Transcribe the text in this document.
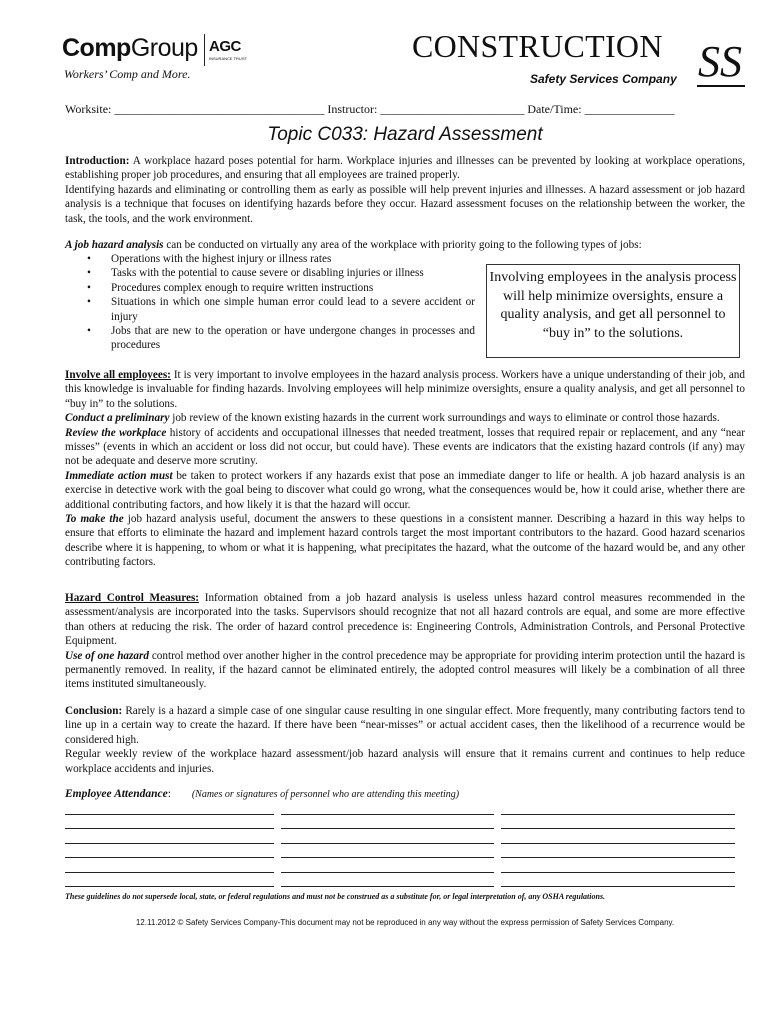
CompGroup AGC
INSURANCE TRUST
Workers’ Comp and More.
CONSTRUCTION
Safety Services Company SS
Worksite: ___________________________________ Instructor: ________________________ Date/Time: _______________
Topic C033: Hazard Assessment

Introduction: A workplace hazard poses potential for harm. Workplace injuries and illnesses can be prevented by looking at workplace operations, establishing proper job procedures, and ensuring that all employees are trained properly.

Identifying hazards and eliminating or controlling them as early as possible will help prevent injuries and illnesses. A hazard assessment or job hazard analysis is a technique that focuses on identifying hazards before they occur. Hazard assessment focuses on the relationship between the worker, the task, the tools, and the work environment.

A job hazard analysis can be conducted on virtually any area of the workplace with priority going to the following types of jobs:

• Operations with the highest injury or illness rates
• Tasks with the potential to cause severe or disabling injuries or illness
• Procedures complex enough to require written instructions
• Situations in which one simple human error could lead to a severe accident or injury
• Jobs that are new to the operation or have undergone changes in processes and procedures
Involving employees in the analysis process will help minimize oversights, ensure a quality analysis, and get all personnel to “buy in” to the solutions.

Involve all employees: It is very important to involve employees in the hazard analysis process. Workers have a unique understanding of their job, and this knowledge is invaluable for finding hazards. Involving employees will help minimize oversights, ensure a quality analysis, and get all personnel to “buy in” to the solutions.

Conduct a preliminary job review of the known existing hazards in the current work surroundings and ways to eliminate or control those hazards.

Review the workplace history of accidents and occupational illnesses that needed treatment, losses that required repair or replacement, and any “near misses” (events in which an accident or loss did not occur, but could have). These events are indicators that the existing hazard controls (if any) may not be adequate and deserve more scrutiny.

Immediate action must be taken to protect workers if any hazards exist that pose an immediate danger to life or health. A job hazard analysis is an exercise in detective work with the goal being to discover what could go wrong, what the consequences would be, how it could arise, whether there are additional contributing factors, and how likely it is that the hazard will occur.

To make the job hazard analysis useful, document the answers to these questions in a consistent manner. Describing a hazard in this way helps to ensure that efforts to eliminate the hazard and implement hazard controls target the most important contributors to the hazard. Good hazard scenarios describe where it is happening, to whom or what it is happening, what precipitates the hazard, what the outcome of the hazard would be, and any other contributing factors.

Hazard Control Measures: Information obtained from a job hazard analysis is useless unless hazard control measures recommended in the assessment/analysis are incorporated into the tasks. Supervisors should recognize that not all hazard controls are equal, and some are more effective than others at reducing the risk. The order of hazard control precedence is: Engineering Controls, Administration Controls, and Personal Protective Equipment.

Use of one hazard control method over another higher in the control precedence may be appropriate for providing interim protection until the hazard is permanently removed. In reality, if the hazard cannot be eliminated entirely, the adopted control measures will likely be a combination of all three items instituted simultaneously.

Conclusion: Rarely is a hazard a simple case of one singular cause resulting in one singular effect. More frequently, many contributing factors tend to line up in a certain way to create the hazard. If there have been “near-misses” or actual accident cases, then the likelihood of a recurrence would be considered high.

Regular weekly review of the workplace hazard assessment/job hazard analysis will ensure that it remains current and continues to help reduce workplace accidents and injuries.

Employee Attendance: (Names or signatures of personnel who are attending this meeting)
These guidelines do not supersede local, state, or federal regulations and must not be construed as a substitute for, or legal interpretation of, any OSHA regulations.
12.11.2012 © Safety Services Company-This document may not be reproduced in any way without the express permission of Safety Services Company.
